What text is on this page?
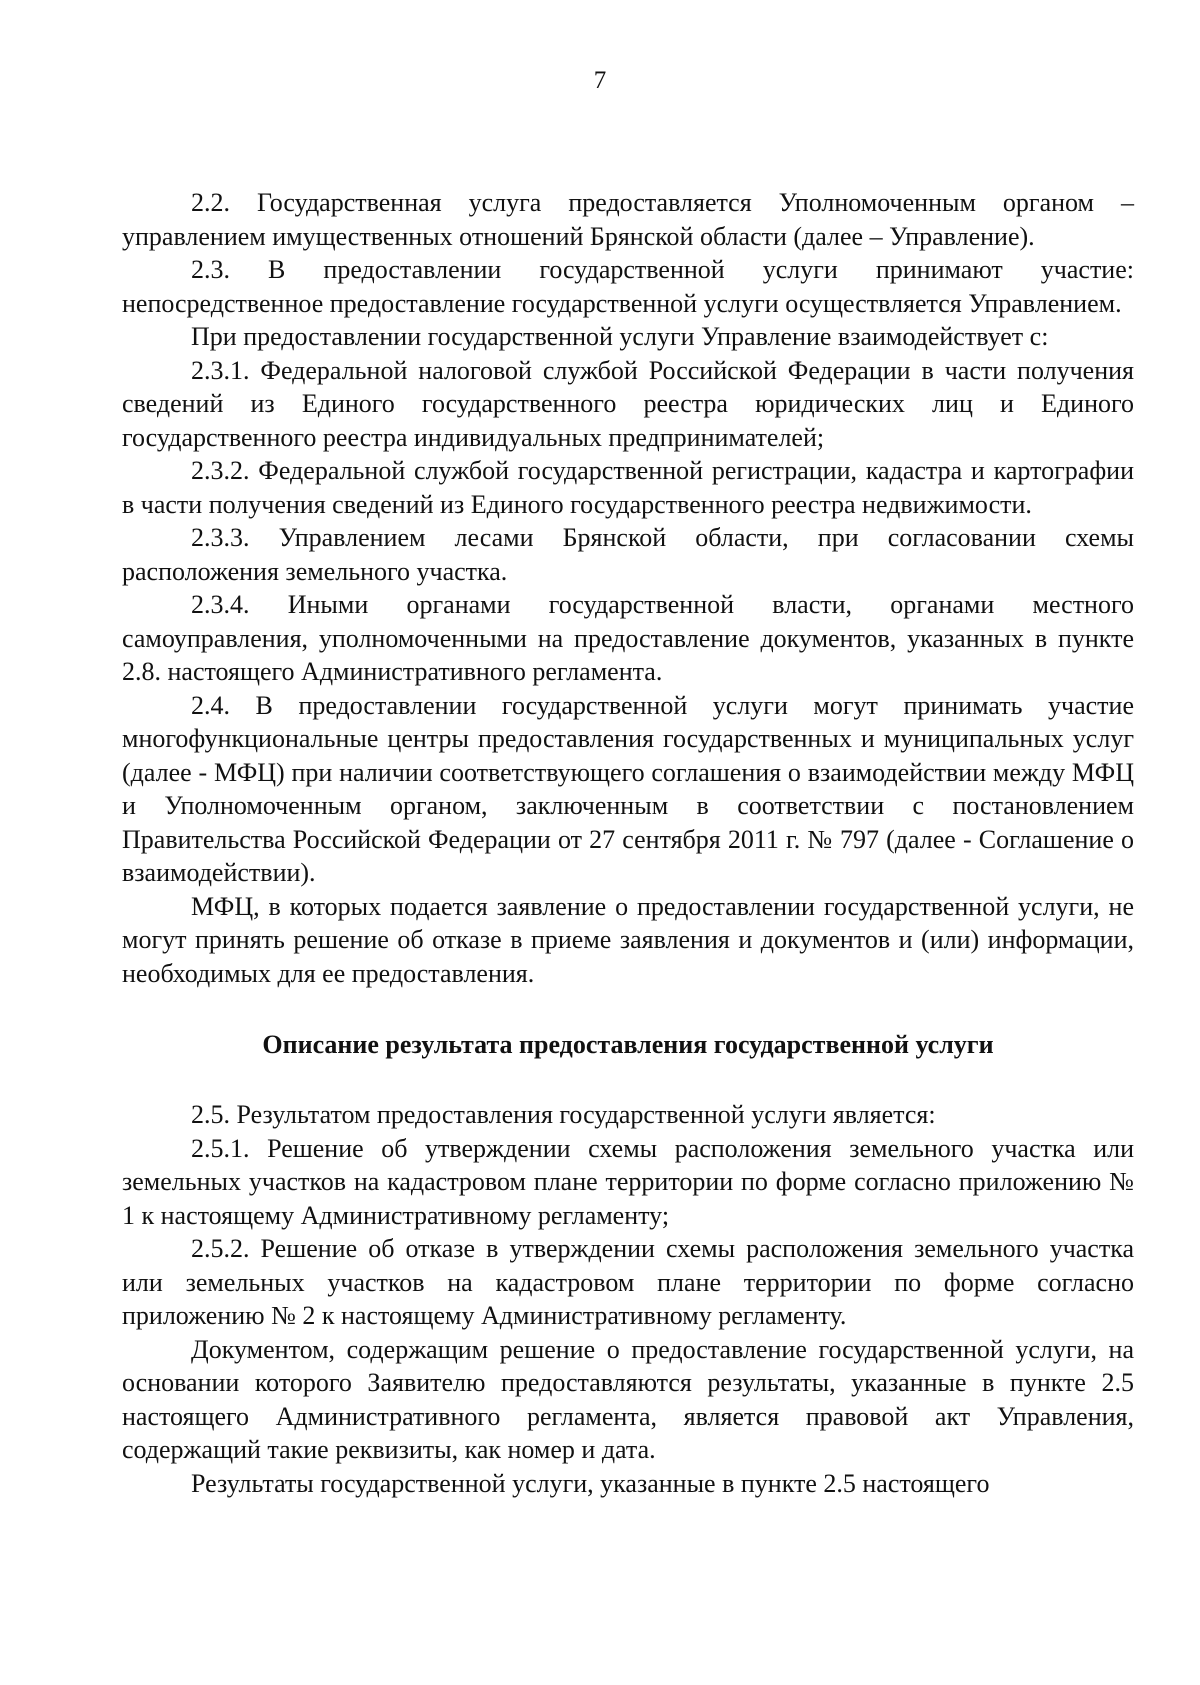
7

2.2. Государственная услуга предоставляется Уполномоченным органом – управлением имущественных отношений Брянской области (далее – Управление).

2.3. В предоставлении государственной услуги принимают участие: непосредственное предоставление государственной услуги осуществляется Управлением.

При предоставлении государственной услуги Управление взаимодействует с:

2.3.1. Федеральной налоговой службой Российской Федерации в части получения сведений из Единого государственного реестра юридических лиц и Единого государственного реестра индивидуальных предпринимателей;

2.3.2. Федеральной службой государственной регистрации, кадастра и картографии в части получения сведений из Единого государственного реестра недвижимости.

2.3.3. Управлением лесами Брянской области, при согласовании схемы расположения земельного участка.

2.3.4. Иными органами государственной власти, органами местного самоуправления, уполномоченными на предоставление документов, указанных в пункте 2.8. настоящего Административного регламента.

2.4. В предоставлении государственной услуги могут принимать участие многофункциональные центры предоставления государственных и муниципальных услуг (далее - МФЦ) при наличии соответствующего соглашения о взаимодействии между МФЦ и Уполномоченным органом, заключенным в соответствии с постановлением Правительства Российской Федерации от 27 сентября 2011 г. № 797 (далее - Соглашение о взаимодействии).

МФЦ, в которых подается заявление о предоставлении государственной услуги, не могут принять решение об отказе в приеме заявления и документов и (или) информации, необходимых для ее предоставления.

Описание результата предоставления государственной услуги

2.5. Результатом предоставления государственной услуги является:

2.5.1. Решение об утверждении схемы расположения земельного участка или земельных участков на кадастровом плане территории по форме согласно приложению № 1 к настоящему Административному регламенту;

2.5.2. Решение об отказе в утверждении схемы расположения земельного участка или земельных участков на кадастровом плане территории по форме согласно приложению № 2 к настоящему Административному регламенту.

Документом, содержащим решение о предоставление государственной услуги, на основании которого Заявителю предоставляются результаты, указанные в пункте 2.5 настоящего Административного регламента, является правовой акт Управления, содержащий такие реквизиты, как номер и дата.

Результаты государственной услуги, указанные в пункте 2.5 настоящего
